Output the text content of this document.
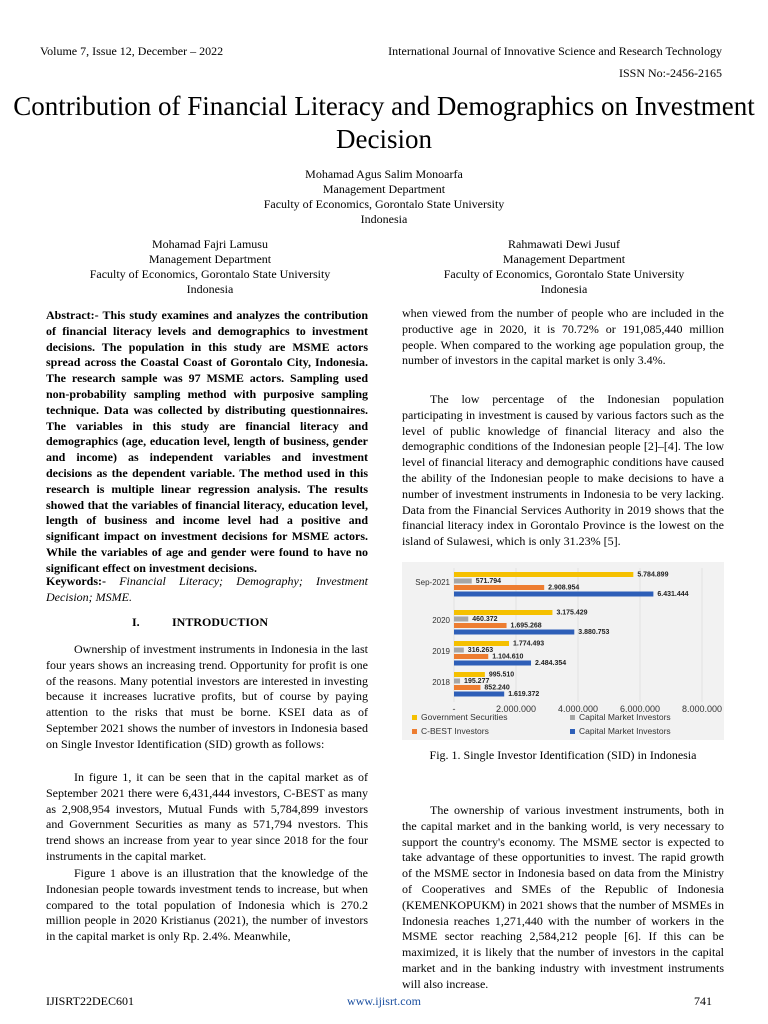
Volume 7, Issue 12, December – 2022	International Journal of Innovative Science and Research Technology
ISSN No:-2456-2165
Contribution of Financial Literacy and Demographics on Investment Decision
Mohamad Agus Salim Monoarfa
Management Department
Faculty of Economics, Gorontalo State University
Indonesia
Mohamad Fajri Lamusu
Management Department
Faculty of Economics, Gorontalo State University
Indonesia
Rahmawati Dewi Jusuf
Management Department
Faculty of Economics, Gorontalo State University
Indonesia
Abstract:- This study examines and analyzes the contribution of financial literacy levels and demographics to investment decisions. The population in this study are MSME actors spread across the Coastal Coast of Gorontalo City, Indonesia. The research sample was 97 MSME actors. Sampling used non-probability sampling method with purposive sampling technique. Data was collected by distributing questionnaires. The variables in this study are financial literacy and demographics (age, education level, length of business, gender and income) as independent variables and investment decisions as the dependent variable. The method used in this research is multiple linear regression analysis. The results showed that the variables of financial literacy, education level, length of business and income level had a positive and significant impact on investment decisions for MSME actors. While the variables of age and gender were found to have no significant effect on investment decisions.
Keywords:- Financial Literacy; Demography; Investment Decision; MSME.
I.	INTRODUCTION

Ownership of investment instruments in Indonesia in the last four years shows an increasing trend. Opportunity for profit is one of the reasons. Many potential investors are interested in investing because it increases lucrative profits, but of course by paying attention to the risks that must be borne. KSEI data as of September 2021 shows the number of investors in Indonesia based on Single Investor Identification (SID) growth as follows:

In figure 1, it can be seen that in the capital market as of September 2021 there were 6,431,444 investors, C-BEST as many as 2,908,954 investors, Mutual Funds with 5,784,899 investors and Government Securities as many as 571,794 nvestors. This trend shows an increase from year to year since 2018 for the four instruments in the capital market.

Figure 1 above is an illustration that the knowledge of the Indonesian people towards investment tends to increase, but when compared to the total population of Indonesia which is 270.2 million people in 2020 Kristianus (2021), the number of investors in the capital market is only Rp. 2.4%. Meanwhile,

when viewed from the number of people who are included in the productive age in 2020, it is 70.72% or 191,085,440 million people. When compared to the working age population group, the number of investors in the capital market is only 3.4%.

The low percentage of the Indonesian population participating in investment is caused by various factors such as the level of public knowledge of financial literacy and also the demographic conditions of the Indonesian people [2]–[4]. The low level of financial literacy and demographic conditions have caused the ability of the Indonesian people to make decisions to have a number of investment instruments in Indonesia to be very lacking. Data from the Financial Services Authority in 2019 shows that the financial literacy index in Gorontalo Province is the lowest on the island of Sulawesi, which is only 31.23% [5].

-	2.000.000 4.000.000 6.000.000 8.000.000
Sep-2021
5.784.899
571.794
2.908.954
6.431.444
2020
3.175.429
460.372
1.695.268
3.880.753
2019
1.774.493
316.263
1.104.610
2.484.354
2018
995.510
195.277
852.240
1.619.372
Government Securities	Capital Market Investors
C-BEST Investors	Capital Market Investors
Fig. 1. Single Investor Identification (SID) in Indonesia

The ownership of various investment instruments, both in the capital market and in the banking world, is very necessary to support the country's economy. The MSME sector is expected to take advantage of these opportunities to invest. The rapid growth of the MSME sector in Indonesia based on data from the Ministry of Cooperatives and SMEs of the Republic of Indonesia (KEMENKOPUKM) in 2021 shows that the number of MSMEs in Indonesia reaches 1,271,440 with the number of workers in the MSME sector reaching 2,584,212 people [6]. If this can be maximized, it is likely that the number of investors in the capital market and in the banking industry with investment instruments will also increase.

IJISRT22DEC601	www.ijisrt.com	741
